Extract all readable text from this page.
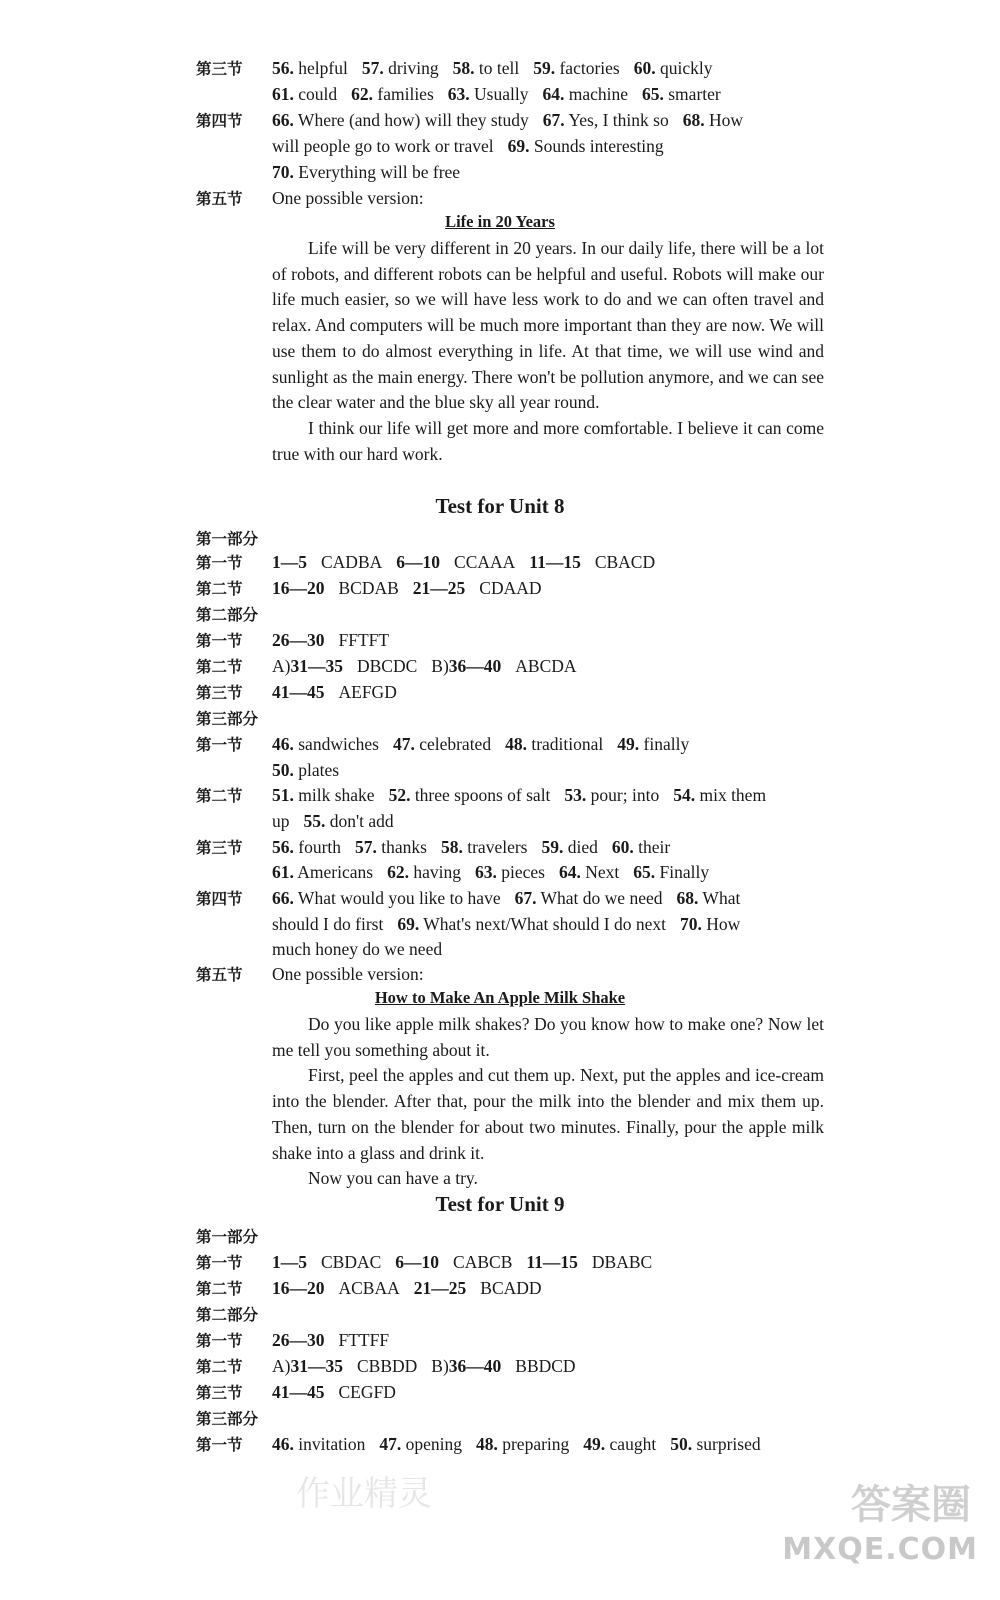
第三节 56. helpful 57. driving 58. to tell 59. factories 60. quickly
61. could 62. families 63. Usually 64. machine 65. smarter
第四节 66. Where (and how) will they study 67. Yes, I think so 68. How
will people go to work or travel 69. Sounds interesting
70. Everything will be free
第五节 One possible version:
Life in 20 Years

Life will be very different in 20 years. In our daily life, there will be a lot of robots, and different robots can be helpful and useful. Robots will make our life much easier, so we will have less work to do and we can often travel and relax. And computers will be much more important than they are now. We will use them to do almost everything in life. At that time, we will use wind and sunlight as the main energy. There won't be pollution anymore, and we can see the clear water and the blue sky all year round.

I think our life will get more and more comfortable. I believe it can come true with our hard work.

Test for Unit 8
第一部分
第一节 1—5 CADBA 6—10 CCAAA 11—15 CBACD
第二节 16—20 BCDAB 21—25 CDAAD
第二部分
第一节 26—30 FFTFT
第二节 A)31—35 DBCDC B)36—40 ABCDA
第三节 41—45 AEFGD
第三部分
第一节 46. sandwiches 47. celebrated 48. traditional 49. finally
50. plates
第二节 51. milk shake 52. three spoons of salt 53. pour; into 54. mix them
up 55. don't add
第三节 56. fourth 57. thanks 58. travelers 59. died 60. their
61. Americans 62. having 63. pieces 64. Next 65. Finally
第四节 66. What would you like to have 67. What do we need 68. What
should I do first 69. What's next/What should I do next 70. How
much honey do we need
第五节 One possible version:
How to Make An Apple Milk Shake

Do you like apple milk shakes? Do you know how to make one? Now let me tell you something about it.

First, peel the apples and cut them up. Next, put the apples and ice-cream into the blender. After that, pour the milk into the blender and mix them up. Then, turn on the blender for about two minutes. Finally, pour the apple milk shake into a glass and drink it.

Now you can have a try.

Test for Unit 9
第一部分
第一节 1—5 CBDAC 6—10 CABCB 11—15 DBABC
第二节 16—20 ACBAA 21—25 BCADD
第二部分
第一节 26—30 FTTFF
第二节 A)31—35 CBBDD B)36—40 BBDCD
第三节 41—45 CEGFD
第三部分
第一节 46. invitation 47. opening 48. preparing 49. caught 50. surprised
作业精灵	答案圈
MXQE.COM
